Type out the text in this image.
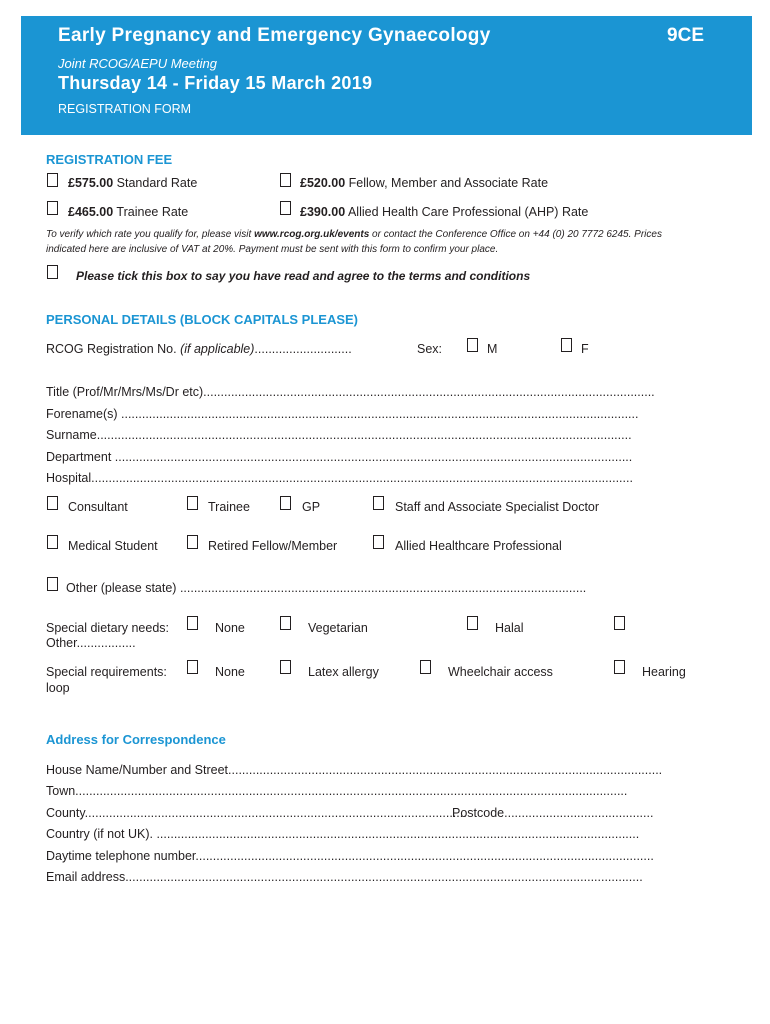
Early Pregnancy and Emergency Gynaecology	9CE
Joint RCOG/AEPU Meeting
Thursday 14 - Friday 15 March 2019
REGISTRATION FORM
REGISTRATION FEE
£575.00 Standard Rate	£520.00 Fellow, Member and Associate Rate
£465.00 Trainee Rate	£390.00 Allied Health Care Professional (AHP) Rate
To verify which rate you qualify for, please visit www.rcog.org.uk/events or contact the Conference Office on +44 (0) 20 7772 6245. Prices indicated here are inclusive of VAT at 20%. Payment must be sent with this form to confirm your place.
Please tick this box to say you have read and agree to the terms and conditions
PERSONAL DETAILS (BLOCK CAPITALS PLEASE)
RCOG Registration No. (if applicable)............................	Sex:	M	F
Title (Prof/Mr/Mrs/Ms/Dr etc)..................................................................................................................................
Forename(s) .....................................................................................................................................................
Surname..........................................................................................................................................................
Department .....................................................................................................................................................
Hospital............................................................................................................................................................
Consultant	Trainee	GP	Staff and Associate Specialist Doctor
Medical Student	Retired Fellow/Member	Allied Healthcare Professional
Other (please state) .....................................................................................................................
Special dietary needs:
Other.................
None	Vegetarian	Halal
Special requirements:
loop
None	Latex allergy	Wheelchair access	Hearing
Address for Correspondence
House Name/Number and Street.............................................................................................................................
Town...............................................................................................................................................................
County..............................................................................................................
Postcode...........................................
Country (if not UK). ...........................................................................................................................................
Daytime telephone number....................................................................................................................................
Email address.....................................................................................................................................................
